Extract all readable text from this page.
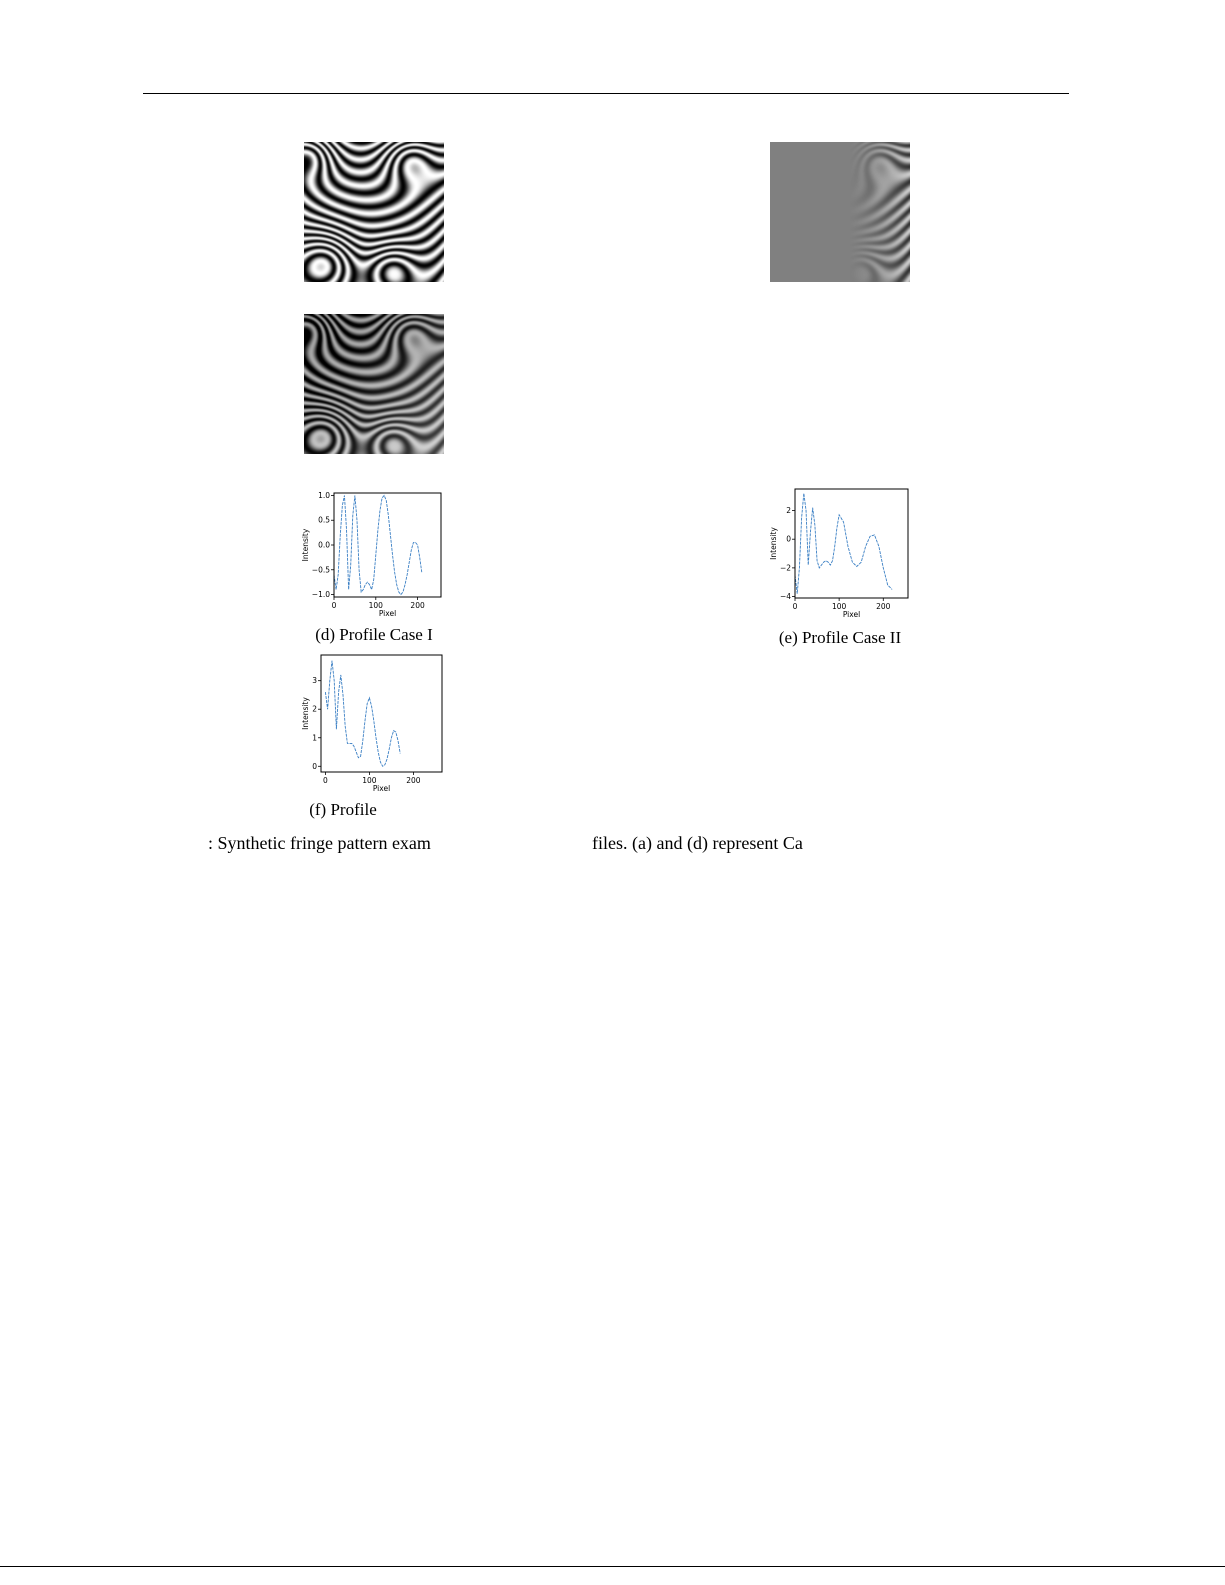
0	100	200
1.0
0.5
0.0
−0.5
−1.0
Pixel
Intensity
(d) Profile Case I
0	100	200
2
0
−2
−4
Pixel
Intensity
(e) Profile Case II
0	100	200
3
2
1
0
Pixel
Intensity
(f) Profile
: Synthetic fringe pattern exam	files. (a) and (d) represent Ca
